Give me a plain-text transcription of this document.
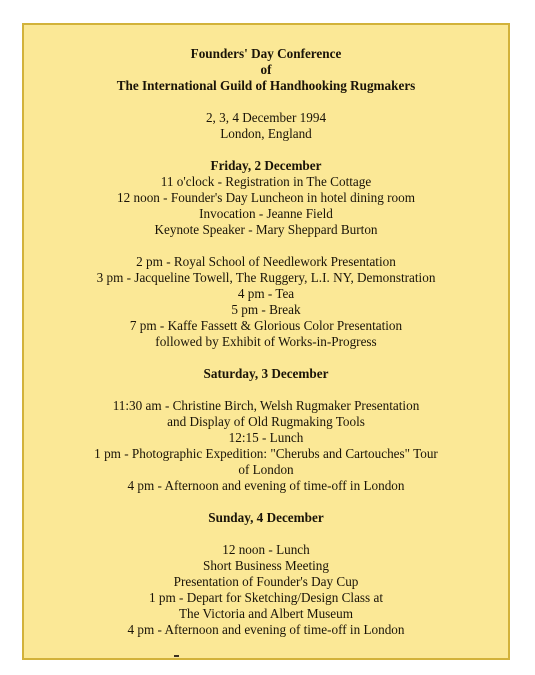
Founders' Day Conference
of
The International Guild of Handhooking Rugmakers
2, 3, 4 December 1994
London, England
Friday, 2 December
11 o'clock - Registration in The Cottage
12 noon - Founder's Day Luncheon in hotel dining room
Invocation - Jeanne Field
Keynote Speaker - Mary Sheppard Burton
2 pm - Royal School of Needlework Presentation
3 pm - Jacqueline Towell, The Ruggery, L.I. NY, Demonstration
4 pm - Tea
5 pm - Break
7 pm - Kaffe Fassett & Glorious Color Presentation
followed by Exhibit of Works-in-Progress
Saturday, 3 December
11:30 am - Christine Birch, Welsh Rugmaker Presentation
and Display of Old Rugmaking Tools
12:15 - Lunch
1 pm - Photographic Expedition: "Cherubs and Cartouches" Tour
of London
4 pm - Afternoon and evening of time-off in London
Sunday, 4 December
12 noon - Lunch
Short Business Meeting
Presentation of Founder's Day Cup
1 pm - Depart for Sketching/Design Class at
The Victoria and Albert Museum
4 pm - Afternoon and evening of time-off in London
